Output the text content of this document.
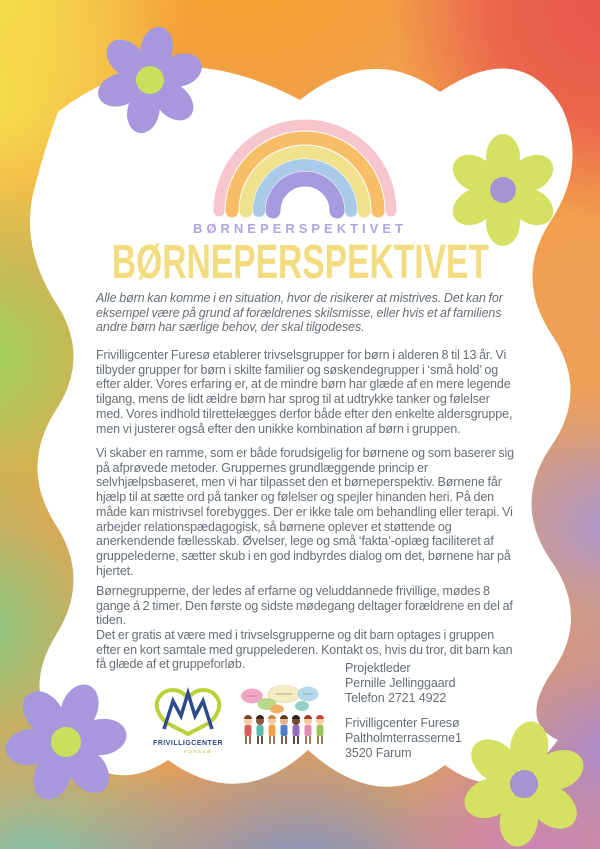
BØRNEPERSPEKTIVET
BØRNEPERSPEKTIVET

Alle børn kan komme i en situation, hvor de risikerer at mistrives. Det kan for eksempel være på grund af forældrenes skilsmisse, eller hvis et af familiens andre børn har særlige behov, der skal tilgodeses.

Frivilligcenter Furesø etablerer trivselsgrupper for børn i alderen 8 til 13 år. Vi tilbyder grupper for børn i skilte familier og søskendegrupper i ‘små hold’ og efter alder. Vores erfaring er, at de mindre børn har glæde af en mere legende tilgang, mens de lidt ældre børn har sprog til at udtrykke tanker og følelser med. Vores indhold tilrettelægges derfor både efter den enkelte aldersgruppe, men vi justerer også efter den unikke kombination af børn i gruppen.

Vi skaber en ramme, som er både forudsigelig for børnene og som baserer sig på afprøvede metoder. Gruppernes grundlæggende princip er selvhjælpsbaseret, men vi har tilpasset den et børneperspektiv. Børnene får hjælp til at sætte ord på tanker og følelser og spejler hinanden heri. På den måde kan mistrivsel forebygges. Der er ikke tale om behandling eller terapi. Vi arbejder relationspædagogisk, så børnene oplever et støttende og anerkendende fællesskab. Øvelser, lege og små ‘fakta’-oplæg faciliteret af gruppelederne, sætter skub i en god indbyrdes dialog om det, børnene har på hjertet.

Børnegrupperne, der ledes af erfarne og veluddannede frivillige, mødes 8 gange á 2 timer. Den første og sidste mødegang deltager forældrene en del af tiden.

Det er gratis at være med i trivselsgrupperne og dit barn optages i gruppen efter en kort samtale med gruppelederen. Kontakt os, hvis du tror, dit barn kan få glæde af et gruppeforløb.	Projektleder
Pernille Jellinggaard
Telefon 2721 4922
Frivilligcenter Furesø
Paltholmterrasserne1
3520 Farum
FRIVILLIGCENTER
FURESØ
